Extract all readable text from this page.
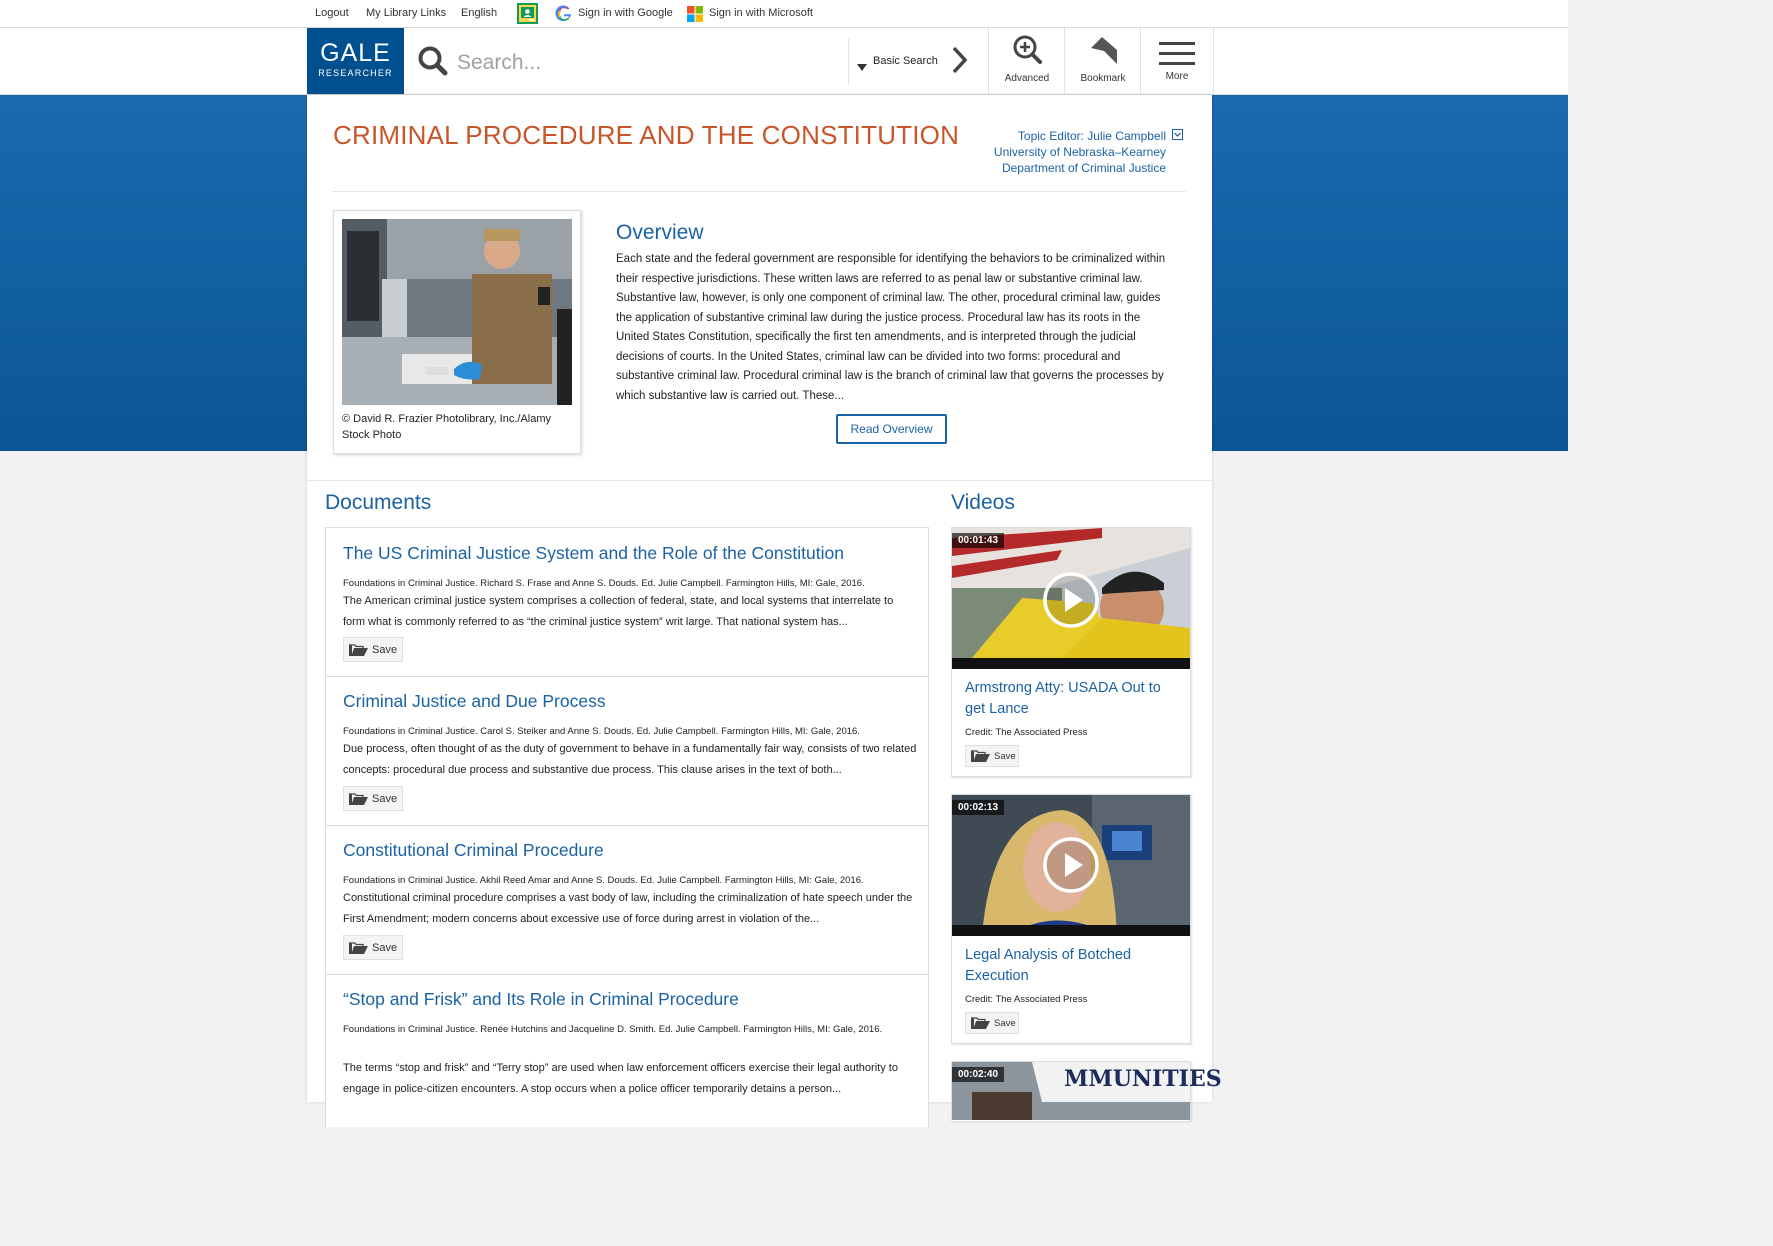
Logout My Library Links English	Sign in with Google	Sign in with Microsoft
GALE
RESEARCHER
Search...
Basic Search
Advanced	Bookmark	More
CRIMINAL PROCEDURE AND THE CONSTITUTION	Topic Editor: Julie Campbell
University of Nebraska–Kearney
Department of Criminal Justice
© David R. Frazier Photolibrary, Inc./Alamy Stock Photo
Overview

Each state and the federal government are responsible for identifying the behaviors to be criminalized within their respective jurisdictions. These written laws are referred to as penal law or substantive criminal law. Substantive law, however, is only one component of criminal law. The other, procedural criminal law, guides the application of substantive criminal law during the justice process. Procedural law has its roots in the United States Constitution, specifically the first ten amendments, and is interpreted through the judicial decisions of courts. In the United States, criminal law can be divided into two forms: procedural and substantive criminal law. Procedural criminal law is the branch of criminal law that governs the processes by which substantive law is carried out. These...

Read Overview
Documents	Videos
The US Criminal Justice System and the Role of the Constitution
Foundations in Criminal Justice. Richard S. Frase and Anne S. Douds. Ed. Julie Campbell. Farmington Hills, MI: Gale, 2016.
The American criminal justice system comprises a collection of federal, state, and local systems that interrelate to form what is commonly referred to as “the criminal justice system” writ large. That national system has...
Save
Criminal Justice and Due Process
Foundations in Criminal Justice. Carol S. Steiker and Anne S. Douds. Ed. Julie Campbell. Farmington Hills, MI: Gale, 2016.
Due process, often thought of as the duty of government to behave in a fundamentally fair way, consists of two related concepts: procedural due process and substantive due process. This clause arises in the text of both...
Save
Constitutional Criminal Procedure
Foundations in Criminal Justice. Akhil Reed Amar and Anne S. Douds. Ed. Julie Campbell. Farmington Hills, MI: Gale, 2016.
Constitutional criminal procedure comprises a vast body of law, including the criminalization of hate speech under the First Amendment; modern concerns about excessive use of force during arrest in violation of the...
Save
“Stop and Frisk” and Its Role in Criminal Procedure
Foundations in Criminal Justice. Renée Hutchins and Jacqueline D. Smith. Ed. Julie Campbell. Farmington Hills, MI: Gale, 2016.
The terms “stop and frisk” and “Terry stop” are used when law enforcement officers exercise their legal authority to engage in police-citizen encounters. A stop occurs when a police officer temporarily detains a person...
00:01:43
Armstrong Atty: USADA Out to get Lance
Credit: The Associated Press
Save
00:02:13
Legal Analysis of Botched Execution
Credit: The Associated Press
Save
00:02:40	MMUNITIES
